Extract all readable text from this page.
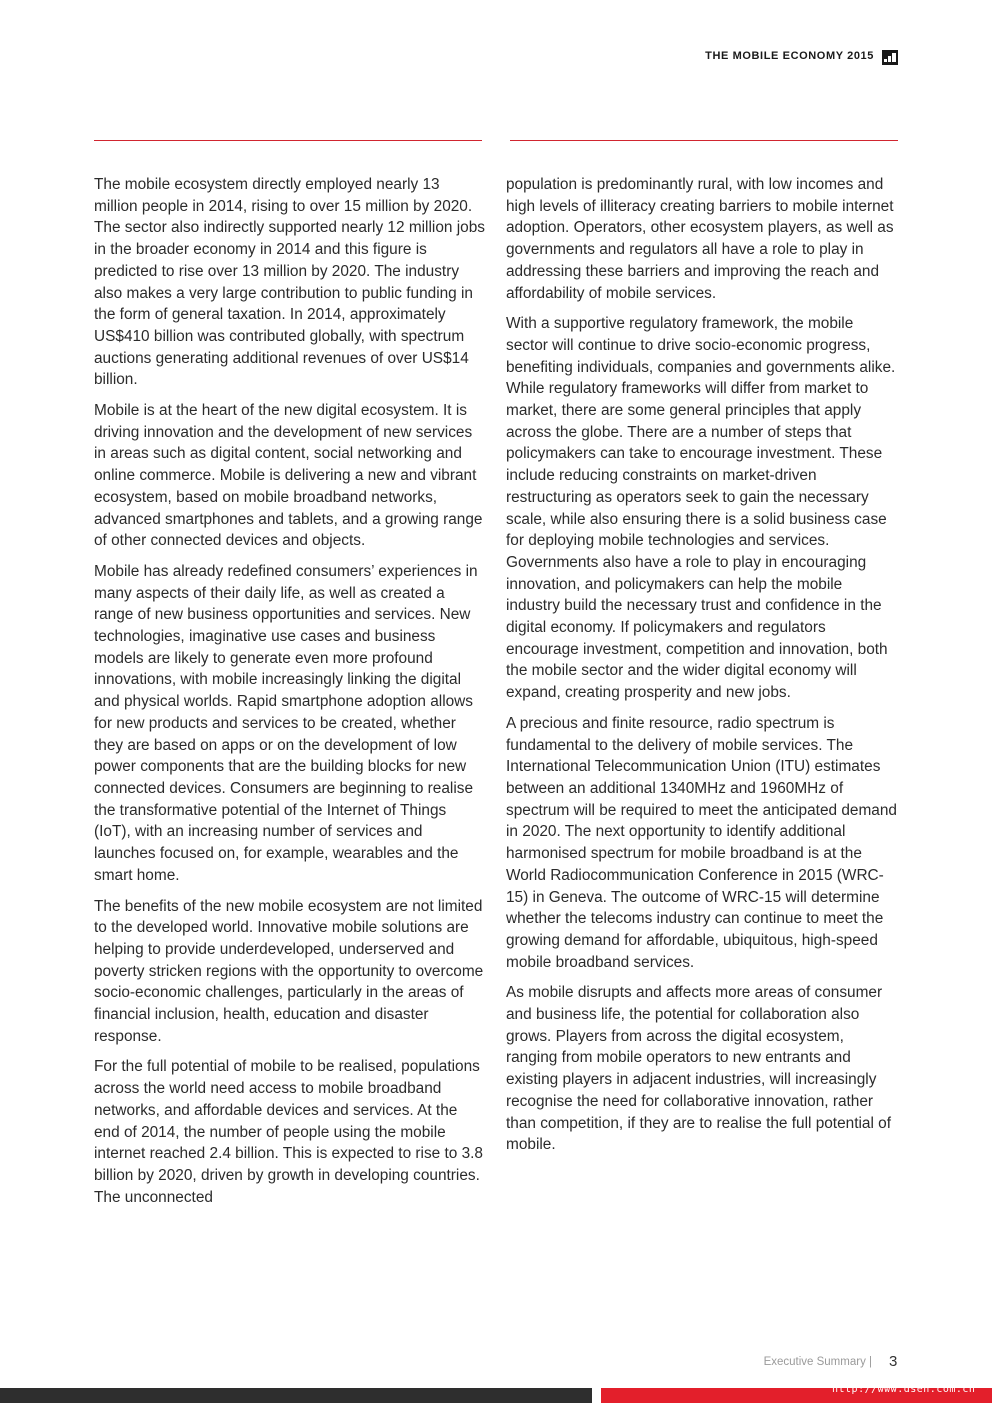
THE MOBILE ECONOMY 2015

The mobile ecosystem directly employed nearly 13 million people in 2014, rising to over 15 million by 2020. The sector also indirectly supported nearly 12 million jobs in the broader economy in 2014 and this figure is predicted to rise over 13 million by 2020. The industry also makes a very large contribution to public funding in the form of general taxation. In 2014, approximately US$410 billion was contributed globally, with spectrum auctions generating additional revenues of over US$14 billion.

Mobile is at the heart of the new digital ecosystem. It is driving innovation and the development of new services in areas such as digital content, social networking and online commerce. Mobile is delivering a new and vibrant ecosystem, based on mobile broadband networks, advanced smartphones and tablets, and a growing range of other connected devices and objects.

Mobile has already redefined consumers’ experiences in many aspects of their daily life, as well as created a range of new business opportunities and services. New technologies, imaginative use cases and business models are likely to generate even more profound innovations, with mobile increasingly linking the digital and physical worlds. Rapid smartphone adoption allows for new products and services to be created, whether they are based on apps or on the development of low power components that are the building blocks for new connected devices. Consumers are beginning to realise the transformative potential of the Internet of Things (IoT), with an increasing number of services and launches focused on, for example, wearables and the smart home.

The benefits of the new mobile ecosystem are not limited to the developed world. Innovative mobile solutions are helping to provide underdeveloped, underserved and poverty stricken regions with the opportunity to overcome socio-economic challenges, particularly in the areas of financial inclusion, health, education and disaster response.

For the full potential of mobile to be realised, populations across the world need access to mobile broadband networks, and affordable devices and services. At the end of 2014, the number of people using the mobile internet reached 2.4 billion. This is expected to rise to 3.8 billion by 2020, driven by growth in developing countries. The unconnected

population is predominantly rural, with low incomes and high levels of illiteracy creating barriers to mobile internet adoption. Operators, other ecosystem players, as well as governments and regulators all have a role to play in addressing these barriers and improving the reach and affordability of mobile services.

With a supportive regulatory framework, the mobile sector will continue to drive socio-economic progress, benefiting individuals, companies and governments alike. While regulatory frameworks will differ from market to market, there are some general principles that apply across the globe. There are a number of steps that policymakers can take to encourage investment. These include reducing constraints on market-driven restructuring as operators seek to gain the necessary scale, while also ensuring there is a solid business case for deploying mobile technologies and services. Governments also have a role to play in encouraging innovation, and policymakers can help the mobile industry build the necessary trust and confidence in the digital economy. If policymakers and regulators encourage investment, competition and innovation, both the mobile sector and the wider digital economy will expand, creating prosperity and new jobs.

A precious and finite resource, radio spectrum is fundamental to the delivery of mobile services. The International Telecommunication Union (ITU) estimates between an additional 1340MHz and 1960MHz of spectrum will be required to meet the anticipated demand in 2020. The next opportunity to identify additional harmonised spectrum for mobile broadband is at the World Radiocommunication Conference in 2015 (WRC-15) in Geneva. The outcome of WRC-15 will determine whether the telecoms industry can continue to meet the growing demand for affordable, ubiquitous, high-speed mobile broadband services.

As mobile disrupts and affects more areas of consumer and business life, the potential for collaboration also grows. Players from across the digital ecosystem, ranging from mobile operators to new entrants and existing players in adjacent industries, will increasingly recognise the need for collaborative innovation, rather than competition, if they are to realise the full potential of mobile.

Executive Summary | 3
http://www.dsen.com.cn
